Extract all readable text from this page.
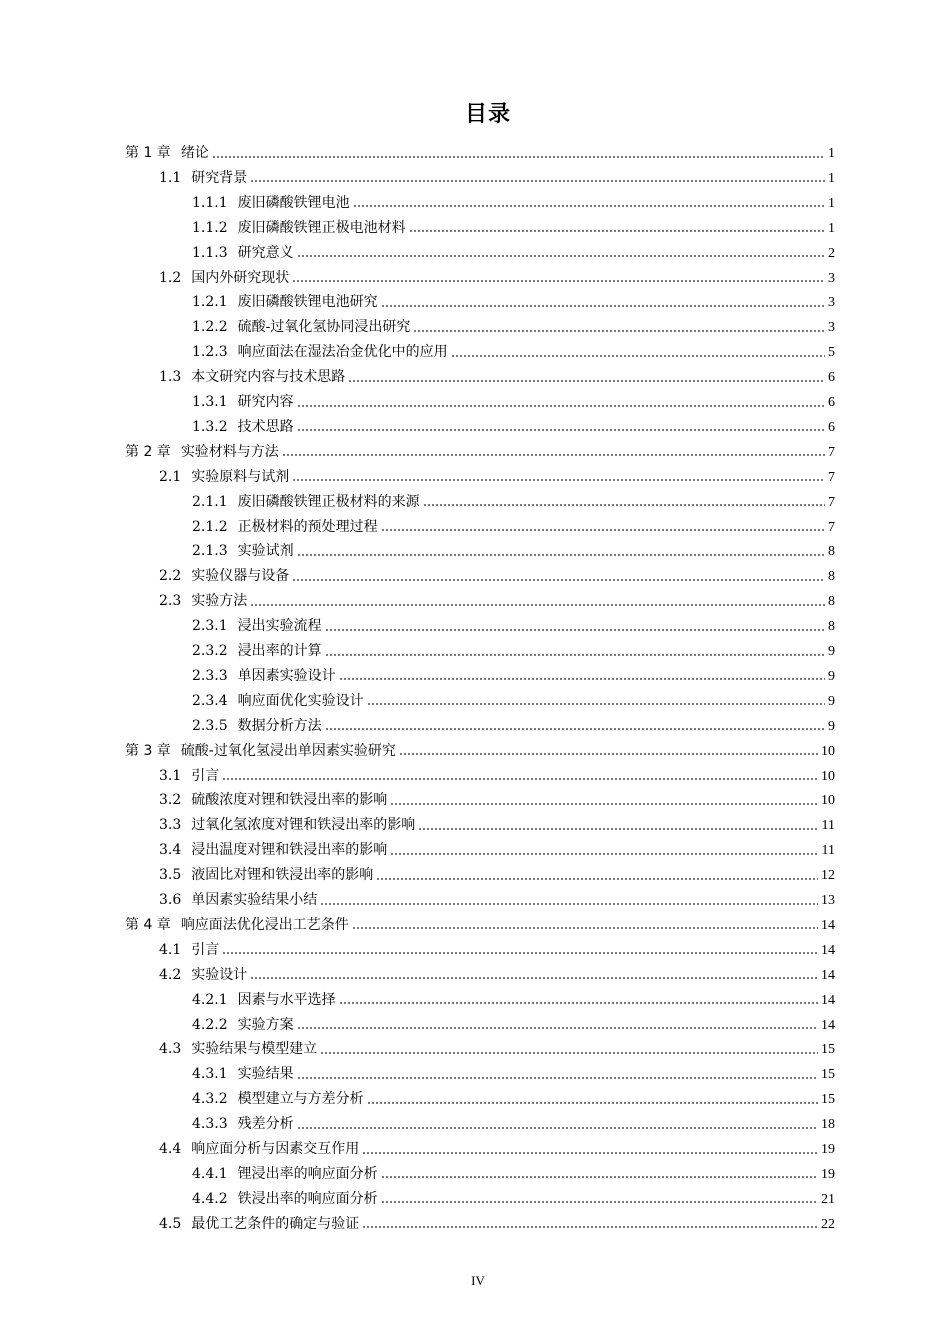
目录
第 1 章 绪论	1
1.1 研究背景	1
1.1.1 废旧磷酸铁锂电池	1
1.1.2 废旧磷酸铁锂正极电池材料	1
1.1.3 研究意义	2
1.2 国内外研究现状	3
1.2.1 废旧磷酸铁锂电池研究	3
1.2.2 硫酸-过氧化氢协同浸出研究	3
1.2.3 响应面法在湿法冶金优化中的应用	5
1.3 本文研究内容与技术思路	6
1.3.1 研究内容	6
1.3.2 技术思路	6
第 2 章 实验材料与方法	7
2.1 实验原料与试剂	7
2.1.1 废旧磷酸铁锂正极材料的来源	7
2.1.2 正极材料的预处理过程	7
2.1.3 实验试剂	8
2.2 实验仪器与设备	8
2.3 实验方法	8
2.3.1 浸出实验流程	8
2.3.2 浸出率的计算	9
2.3.3 单因素实验设计	9
2.3.4 响应面优化实验设计	9
2.3.5 数据分析方法	9
第 3 章 硫酸-过氧化氢浸出单因素实验研究	10
3.1 引言	10
3.2 硫酸浓度对锂和铁浸出率的影响	10
3.3 过氧化氢浓度对锂和铁浸出率的影响	11
3.4 浸出温度对锂和铁浸出率的影响	11
3.5 液固比对锂和铁浸出率的影响	12
3.6 单因素实验结果小结	13
第 4 章 响应面法优化浸出工艺条件	14
4.1 引言	14
4.2 实验设计	14
4.2.1 因素与水平选择	14
4.2.2 实验方案	14
4.3 实验结果与模型建立	15
4.3.1 实验结果	15
4.3.2 模型建立与方差分析	15
4.3.3 残差分析	18
4.4 响应面分析与因素交互作用	19
4.4.1 锂浸出率的响应面分析	19
4.4.2 铁浸出率的响应面分析	21
4.5 最优工艺条件的确定与验证	22
IV
